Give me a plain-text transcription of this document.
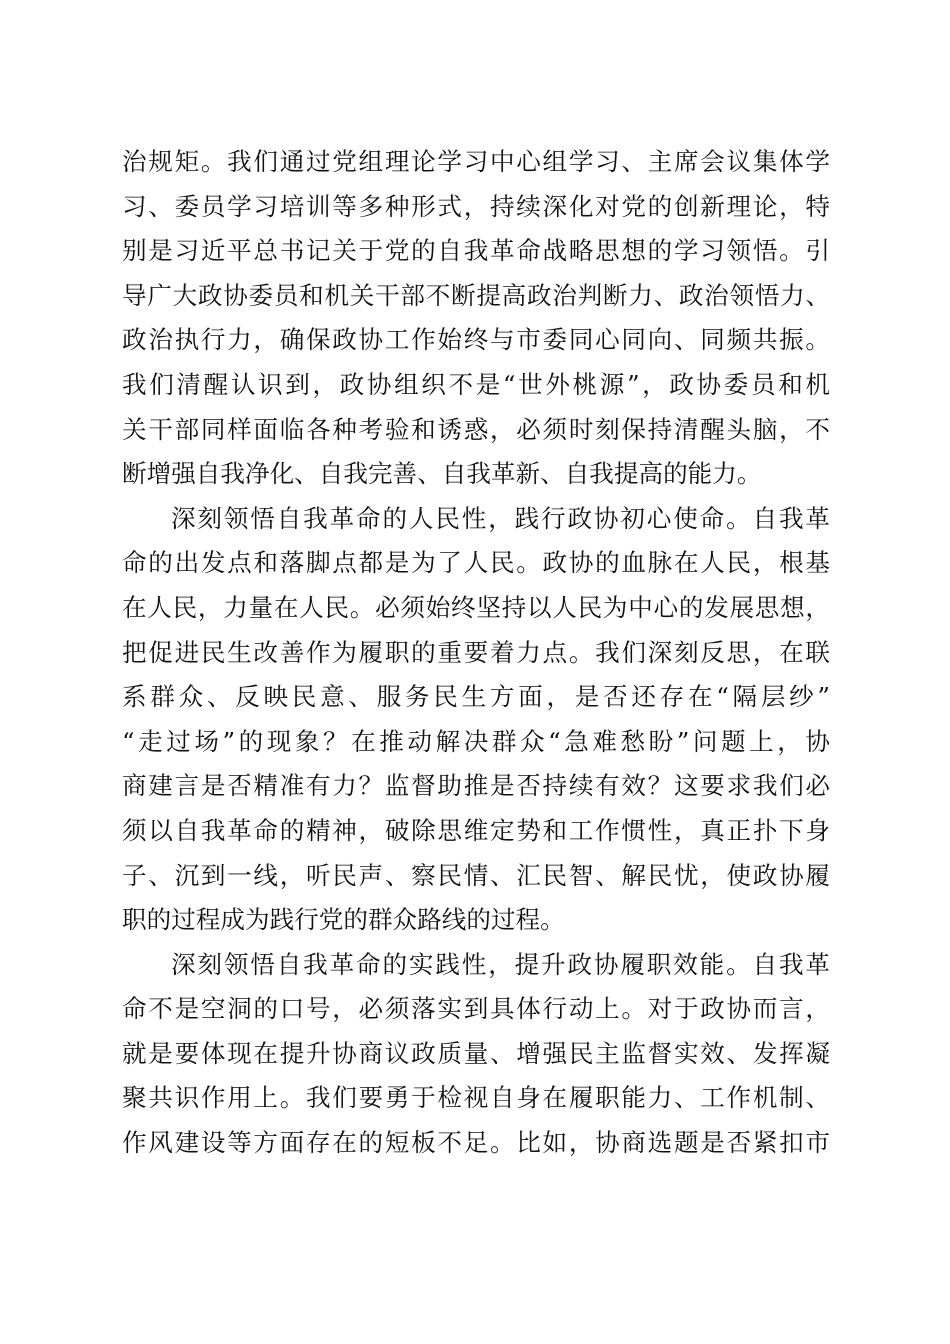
治规矩。我们通过党组理论学习中心组学习、主席会议集体学
习、委员学习培训等多种形式，持续深化对党的创新理论，特
别是习近平总书记关于党的自我革命战略思想的学习领悟。引
导广大政协委员和机关干部不断提高政治判断力、政治领悟力、
政治执行力，确保政协工作始终与市委同心同向、同频共振。
我们清醒认识到，政协组织不是“世外桃源”，政协委员和机
关干部同样面临各种考验和诱惑，必须时刻保持清醒头脑，不
断增强自我净化、自我完善、自我革新、自我提高的能力。
深刻领悟自我革命的人民性，践行政协初心使命。自我革
命的出发点和落脚点都是为了人民。政协的血脉在人民，根基
在人民，力量在人民。必须始终坚持以人民为中心的发展思想，
把促进民生改善作为履职的重要着力点。我们深刻反思，在联
系群众、反映民意、服务民生方面，是否还存在“隔层纱”
“走过场”的现象？在推动解决群众“急难愁盼”问题上，协
商建言是否精准有力？监督助推是否持续有效？这要求我们必
须以自我革命的精神，破除思维定势和工作惯性，真正扑下身
子、沉到一线，听民声、察民情、汇民智、解民忧，使政协履
职的过程成为践行党的群众路线的过程。
深刻领悟自我革命的实践性，提升政协履职效能。自我革
命不是空洞的口号，必须落实到具体行动上。对于政协而言，
就是要体现在提升协商议政质量、增强民主监督实效、发挥凝
聚共识作用上。我们要勇于检视自身在履职能力、工作机制、
作风建设等方面存在的短板不足。比如，协商选题是否紧扣市
